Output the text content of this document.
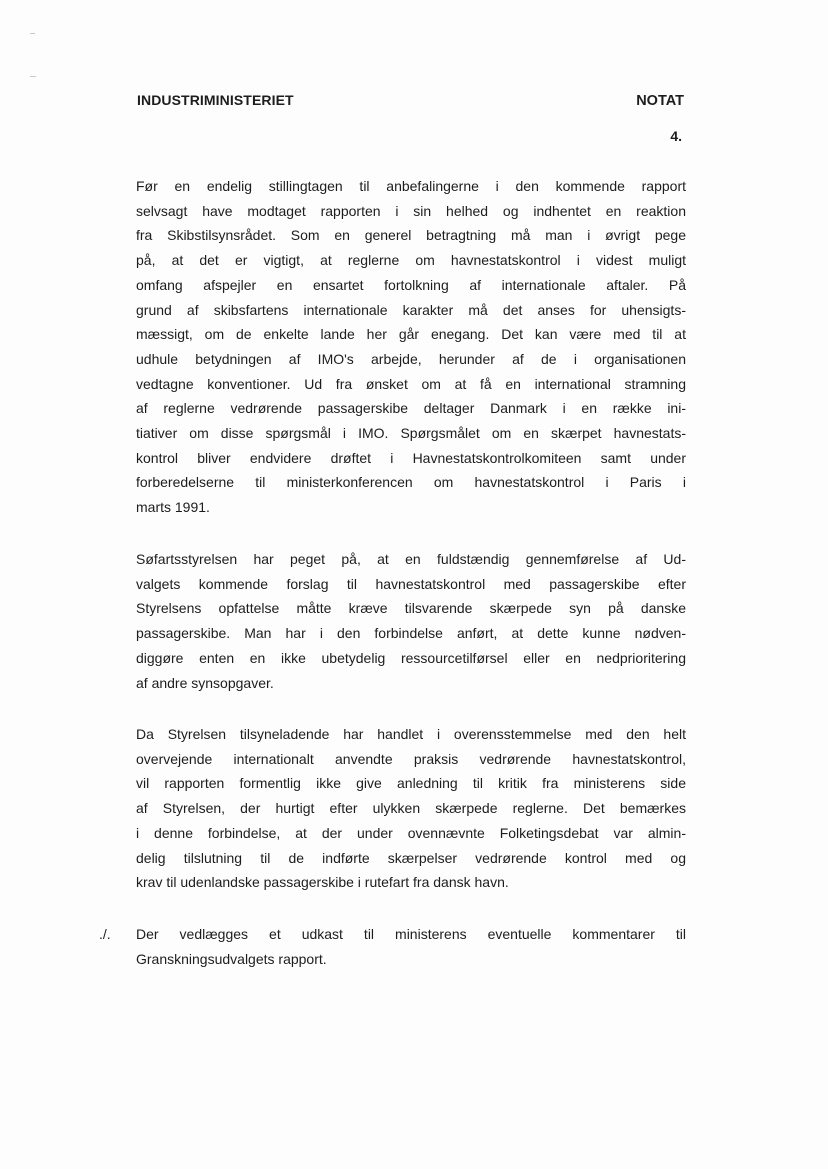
INDUSTRIMINISTERIET	NOTAT
4.
Før en endelig stillingtagen til anbefalingerne i den kommende rapport
selvsagt have modtaget rapporten i sin helhed og indhentet en reaktion
fra Skibstilsynsrådet. Som en generel betragtning må man i øvrigt pege
på, at det er vigtigt, at reglerne om havnestatskontrol i videst muligt
omfang afspejler en ensartet fortolkning af internationale aftaler. På
grund af skibsfartens internationale karakter må det anses for uhensigts-
mæssigt, om de enkelte lande her går enegang. Det kan være med til at
udhule betydningen af IMO's arbejde, herunder af de i organisationen
vedtagne konventioner. Ud fra ønsket om at få en international stramning
af reglerne vedrørende passagerskibe deltager Danmark i en række ini-
tiativer om disse spørgsmål i IMO. Spørgsmålet om en skærpet havnestats-
kontrol bliver endvidere drøftet i Havnestatskontrolkomiteen samt under
forberedelserne til ministerkonferencen om havnestatskontrol i Paris i
marts 1991.
Søfartsstyrelsen har peget på, at en fuldstændig gennemførelse af Ud-
valgets kommende forslag til havnestatskontrol med passagerskibe efter
Styrelsens opfattelse måtte kræve tilsvarende skærpede syn på danske
passagerskibe. Man har i den forbindelse anført, at dette kunne nødven-
diggøre enten en ikke ubetydelig ressourcetilførsel eller en nedprioritering
af andre synsopgaver.
Da Styrelsen tilsyneladende har handlet i overensstemmelse med den helt
overvejende internationalt anvendte praksis vedrørende havnestatskontrol,
vil rapporten formentlig ikke give anledning til kritik fra ministerens side
af Styrelsen, der hurtigt efter ulykken skærpede reglerne. Det bemærkes
i denne forbindelse, at der under ovennævnte Folketingsdebat var almin-
delig tilslutning til de indførte skærpelser vedrørende kontrol med og
krav til udenlandske passagerskibe i rutefart fra dansk havn.
./. Der vedlægges et udkast til ministerens eventuelle kommentarer til
Granskningsudvalgets rapport.
